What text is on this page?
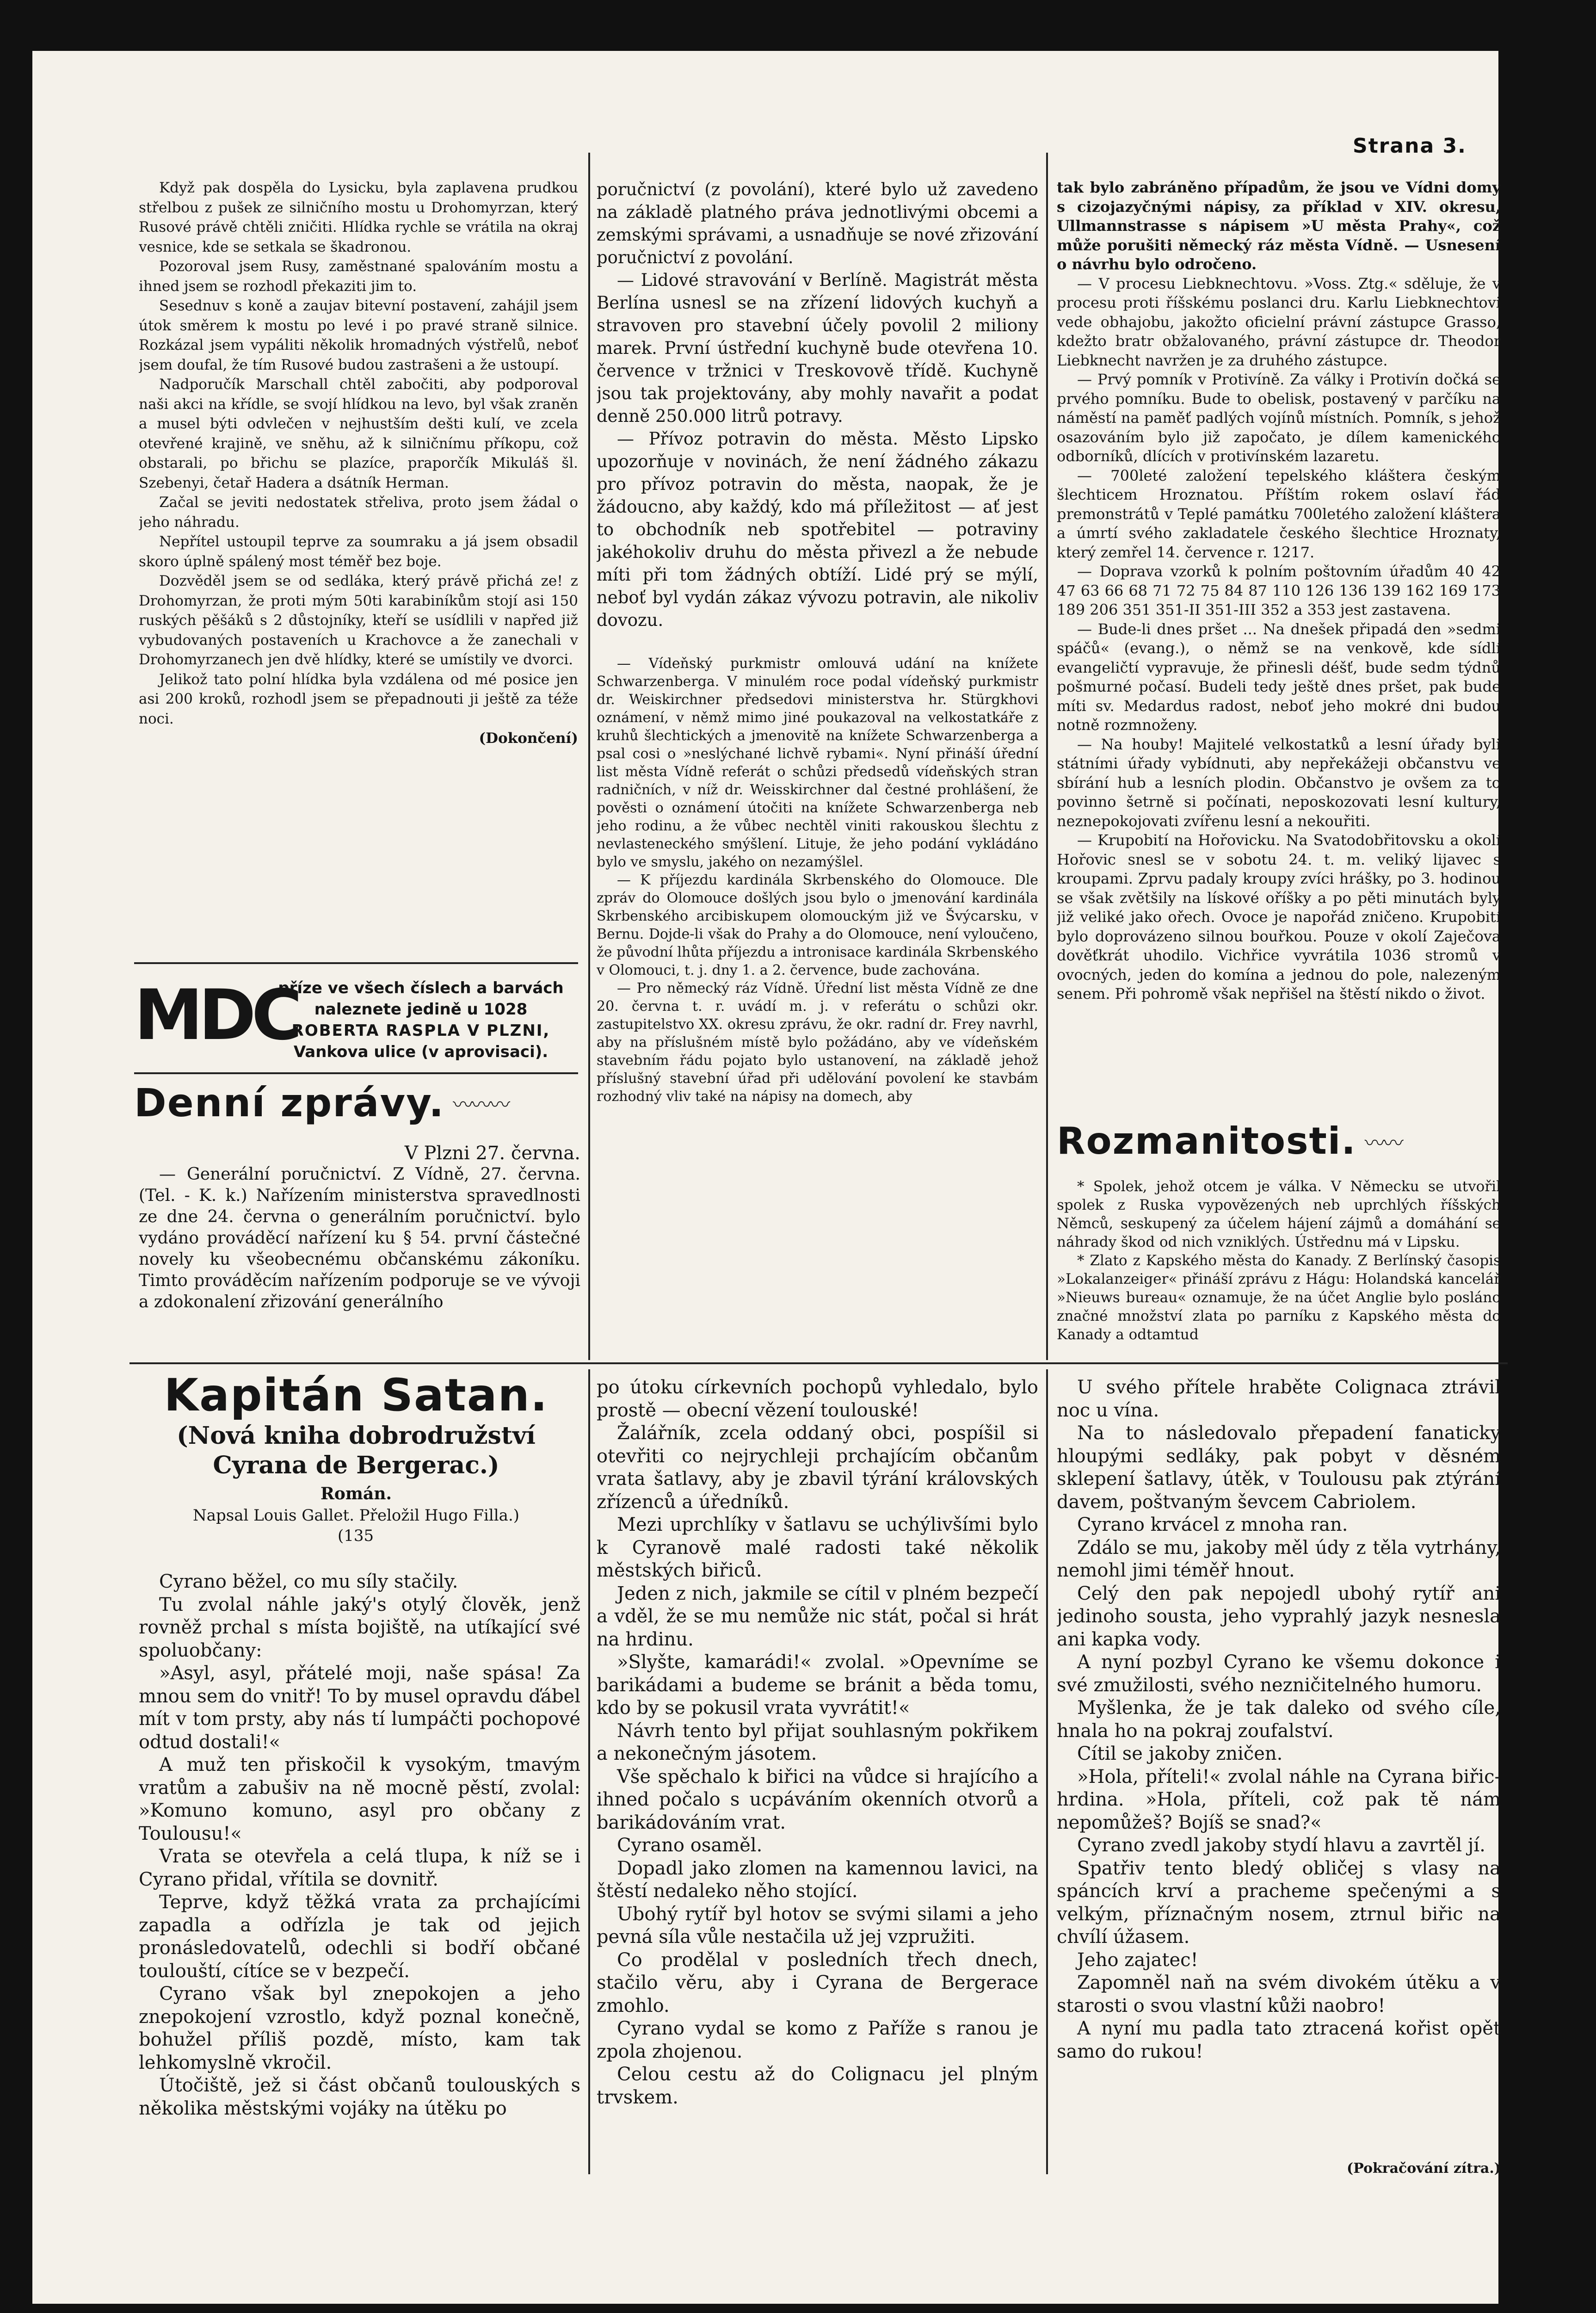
Strana 3.

Když pak dospěla do Lysicku, byla zaplavena prudkou střelbou z pušek ze silničního mostu u Drohomyrzan, který Rusové právě chtěli zničiti. Hlídka rychle se vrátila na okraj vesnice, kde se setkala se škadronou.

Pozoroval jsem Rusy, zaměstnané spalováním mostu a ihned jsem se rozhodl překaziti jim to.

Sesednuv s koně a zaujav bitevní postavení, zahájil jsem útok směrem k mostu po levé i po pravé straně silnice. Rozkázal jsem vypáliti několik hromadných výstřelů, neboť jsem doufal, že tím Rusové budou zastrašeni a že ustoupí.

Nadporučík Marschall chtěl zabočiti, aby podporoval naši akci na křídle, se svojí hlídkou na levo, byl však zraněn a musel býti odvlečen v nejhustším dešti kulí, ve zcela otevřené krajině, ve sněhu, až k silničnímu příkopu, což obstarali, po břichu se plazíce, praporčík Mikuláš šl. Szebenyi, četař Hadera a dsátník Herman.

Začal se jeviti nedostatek střeliva, proto jsem žádal o jeho náhradu.

Nepřítel ustoupil teprve za soumraku a já jsem obsadil skoro úplně spálený most téměř bez boje.

Dozvěděl jsem se od sedláka, který právě přichá ze! z Drohomyrzan, že proti mým 50ti karabiníkům stojí asi 150 ruských pěšáků s 2 důstojníky, kteří se usídlili v napřed již vybudovaných postaveních u Krachovce a že zanechali v Drohomyrzanech jen dvě hlídky, které se umístily ve dvorci.

Jelikož tato polní hlídka byla vzdálena od mé posice jen asi 200 kroků, rozhodl jsem se přepadnouti ji ještě za téže noci.

(Dokončení)

MDC
příze ve všech číslech a barvách
naleznete jedině u 1028
ROBERTA RASPLA V PLZNI,
Vankova ulice (v aprovisaci).
Denní zprávy. 〰〰〰

V Plzni 27. června.

— Generální poručnictví. Z Vídně, 27. června. (Tel. - K. k.) Nařízením ministerstva spravedlnosti ze dne 24. června o generálním poručnictví. bylo vydáno prováděcí nařízení ku § 54. první částečné novely ku všeobecnému občanskému zákoníku. Timto prováděcím nařízením podporuje se ve vývoji a zdokonalení zřizování generálního

poručnictví (z povolání), které bylo už zavedeno na základě platného práva jednotlivými obcemi a zemskými správami, a usnadňuje se nové zřizování poručnictví z povolání.

— Lidové stravování v Berlíně. Magistrát města Berlína usnesl se na zřízení lidových kuchyň a stravoven pro stavební účely povolil 2 miliony marek. První ústřední kuchyně bude otevřena 10. července v tržnici v Treskovově třídě. Kuchyně jsou tak projektovány, aby mohly navařit a podat denně 250.000 litrů potravy.

— Přívoz potravin do města. Město Lipsko upozorňuje v novinách, že není žádného zákazu pro přívoz potravin do města, naopak, že je žádoucno, aby každý, kdo má příležitost — ať jest to obchodník neb spotřebitel — potraviny jakéhokoliv druhu do města přivezl a že nebude míti při tom žádných obtíží. Lidé prý se mýlí, neboť byl vydán zákaz vývozu potravin, ale nikoliv dovozu.

— Vídeňský purkmistr omlouvá udání na knížete Schwarzenberga. V minulém roce podal vídeňský purkmistr dr. Weiskirchner předsedovi ministerstva hr. Stürgkhovi oznámení, v němž mimo jiné poukazoval na velkostatkáře z kruhů šlechtických a jmenovitě na knížete Schwarzenberga a psal cosi o »neslýchané lichvě rybami«. Nyní přináší úřední list města Vídně referát o schůzi předsedů vídeňských stran radničních, v níž dr. Weisskirchner dal čestné prohlášení, že pověsti o oznámení útočiti na knížete Schwarzenberga neb jeho rodinu, a že vůbec nechtěl viniti rakouskou šlechtu z nevlasteneckého smýšlení. Lituje, že jeho podání vykládáno bylo ve smyslu, jakého on nezamýšlel.

— K příjezdu kardinála Skrbenského do Olomouce. Dle zpráv do Olomouce došlých jsou bylo o jmenování kardinála Skrbenského arcibiskupem olomouckým již ve Švýcarsku, v Bernu. Dojde-li však do Prahy a do Olomouce, není vyloučeno, že původní lhůta příjezdu a intronisace kardinála Skrbenského v Olomouci, t. j. dny 1. a 2. července, bude zachována.

— Pro německý ráz Vídně. Úřední list města Vídně ze dne 20. června t. r. uvádí m. j. v referátu o schůzi okr. zastupitelstvo XX. okresu zprávu, že okr. radní dr. Frey navrhl, aby na příslušném místě bylo požádáno, aby ve vídeňském stavebním řádu pojato bylo ustanovení, na základě jehož příslušný stavební úřad při udělování povolení ke stavbám rozhodný vliv také na nápisy na domech, aby

tak bylo zabráněno případům, že jsou ve Vídni domy s cizojazyčnými nápisy, za příklad v XIV. okresu, Ullmannstrasse s nápisem »U města Prahy«, což může porušiti německý ráz města Vídně. — Usnesení o návrhu bylo odročeno.

— V procesu Liebknechtovu. »Voss. Ztg.« sděluje, že v procesu proti říšskému poslanci dru. Karlu Liebknechtovi vede obhajobu, jakožto oficielní právní zástupce Grasso, kdežto bratr obžalovaného, právní zástupce dr. Theodor Liebknecht navržen je za druhého zástupce.

— Prvý pomník v Protivíně. Za války i Protivín dočká se prvého pomníku. Bude to obelisk, postavený v parčíku na náměstí na paměť padlých vojínů místních. Pomník, s jehož osazováním bylo již započato, je dílem kamenického odborníků, dlících v protivínském lazaretu.

— 700leté založení tepelského kláštera českým šlechticem Hroznatou. Příštím rokem oslaví řád premonstrátů v Teplé památku 700letého založení kláštera a úmrtí svého zakladatele českého šlechtice Hroznaty, který zemřel 14. července r. 1217.

— Doprava vzorků k polním poštovním úřadům 40 42 47 63 66 68 71 72 75 84 87 110 126 136 139 162 169 173 189 206 351 351-II 351-III 352 a 353 jest zastavena.

— Bude-li dnes pršet ... Na dnešek připadá den »sedmi spáčů« (evang.), o němž se na venkově, kde sídlí evangeličtí vypravuje, že přinesli déšť, bude sedm týdnů pošmurné počasí. Budeli tedy ještě dnes pršet, pak bude míti sv. Medardus radost, neboť jeho mokré dni budou notně rozmnoženy.

— Na houby! Majitelé velkostatků a lesní úřady byli státními úřady vybídnuti, aby nepřekážeji občanstvu ve sbírání hub a lesních plodin. Občanstvo je ovšem za to povinno šetrně si počínati, neposkozovati lesní kultury, neznepokojovati zvířenu lesní a nekouřiti.

— Krupobití na Hořovicku. Na Svatodobřitovsku a okolí Hořovic snesl se v sobotu 24. t. m. veliký lijavec s kroupami. Zprvu padaly kroupy zvíci hrášky, po 3. hodinou se však zvětšily na lískové oříšky a po pěti minutách byly již veliké jako ořech. Ovoce je napořád zničeno. Krupobití bylo doprovázeno silnou bouřkou. Pouze v okolí Zaječova dověťkrát uhodilo. Vichřice vyvrátila 1036 stromů v ovocných, jeden do komína a jednou do pole, nalezeným senem. Při pohromě však nepřišel na štěstí nikdo o život.

Rozmanitosti. 〰〰

* Spolek, jehož otcem je válka. V Německu se utvořil spolek z Ruska vypovězených neb uprchlých říšských Němců, seskupený za účelem hájení zájmů a domáhání se náhrady škod od nich vzniklých. Ústřednu má v Lipsku.

* Zlato z Kapského města do Kanady. Z Berlínský časopis »Lokalanzeiger« přináší zprávu z Hágu: Holandská kancelář »Nieuws bureau« oznamuje, že na účet Anglie bylo posláno značné množství zlata po parníku z Kapského města do Kanady a odtamtud

Kapitán Satan.
(Nová kniha dobrodružství Cyrana de Bergerac.)
Román.
Napsal Louis Gallet. Přeložil Hugo Filla.)
(135

Cyrano běžel, co mu síly stačily.

Tu zvolal náhle jaký's otylý člověk, jenž rovněž prchal s místa bojiště, na utíkající své spoluobčany:

»Asyl, asyl, přátelé moji, naše spása! Za mnou sem do vnitř! To by musel opravdu ďábel mít v tom prsty, aby nás tí lumpáčti pochopové odtud dostali!«

A muž ten přiskočil k vysokým, tmavým vratům a zabušiv na ně mocně pěstí, zvolal: »Komuno komuno, asyl pro občany z Toulousu!«

Vrata se otevřela a celá tlupa, k níž se i Cyrano přidal, vřítila se dovnitř.

Teprve, když těžká vrata za prchajícími zapadla a odřízla je tak od jejich pronásledovatelů, odechli si bodří občané toulouští, cítíce se v bezpečí.

Cyrano však byl znepokojen a jeho znepokojení vzrostlo, když poznal konečně, bohužel příliš pozdě, místo, kam tak lehkomyslně vkročil.

Útočiště, jež si část občanů toulouských s několika městskými vojáky na útěku po

po útoku církevních pochopů vyhledalo, bylo prostě — obecní vězení toulouské!

Žalářník, zcela oddaný obci, pospíšil si otevřiti co nejrychleji prchajícím občanům vrata šatlavy, aby je zbavil týrání královských zřízenců a úředníků.

Mezi uprchlíky v šatlavu se uchýlivšími bylo k Cyranově malé radosti také několik městských biřiců.

Jeden z nich, jakmile se cítil v plném bezpečí a vděl, že se mu nemůže nic stát, počal si hrát na hrdinu.

»Slyšte, kamarádi!« zvolal. »Opevníme se barikádami a budeme se bránit a běda tomu, kdo by se pokusil vrata vyvrátit!«

Návrh tento byl přijat souhlasným pokřikem a nekonečným jásotem.

Vše spěchalo k biřici na vůdce si hrajícího a ihned počalo s ucpáváním okenních otvorů a barikádováním vrat.

Cyrano osaměl.

Dopadl jako zlomen na kamennou lavici, na štěstí nedaleko něho stojící.

Ubohý rytíř byl hotov se svými silami a jeho pevná síla vůle nestačila už jej vzpružiti.

Co prodělal v posledních třech dnech, stačilo věru, aby i Cyrana de Bergerace zmohlo.

Cyrano vydal se komo z Paříže s ranou je zpola zhojenou.

Celou cestu až do Colignacu jel plným trvskem.

U svého přítele hraběte Colignaca ztrávil noc u vína.

Na to následovalo přepadení fanaticky hloupými sedláky, pak pobyt v děsném sklepení šatlavy, útěk, v Toulousu pak ztýrání davem, poštvaným ševcem Cabriolem.

Cyrano krvácel z mnoha ran.

Zdálo se mu, jakoby měl údy z těla vytrhány, nemohl jimi téměř hnout.

Celý den pak nepojedl ubohý rytíř ani jedinoho sousta, jeho vyprahlý jazyk nesnesla ani kapka vody.

A nyní pozbyl Cyrano ke všemu dokonce i své zmužilosti, svého nezničitelného humoru.

Myšlenka, že je tak daleko od svého cíle, hnala ho na pokraj zoufalství.

Cítil se jakoby zničen.

»Hola, příteli!« zvolal náhle na Cyrana biřic-hrdina. »Hola, příteli, což pak tě nám nepomůžeš? Bojíš se snad?«

Cyrano zvedl jakoby stydí hlavu a zavrtěl jí.

Spatřiv tento bledý obličej s vlasy na spáncích krví a pracheme spečenými a s velkým, příznačným nosem, ztrnul biřic na chvílí úžasem.

Jeho zajatec!

Zapomněl naň na svém divokém útěku a v starosti o svou vlastní kůži naobro!

A nyní mu padla tato ztracená kořist opět samo do rukou!

(Pokračování zítra.)
